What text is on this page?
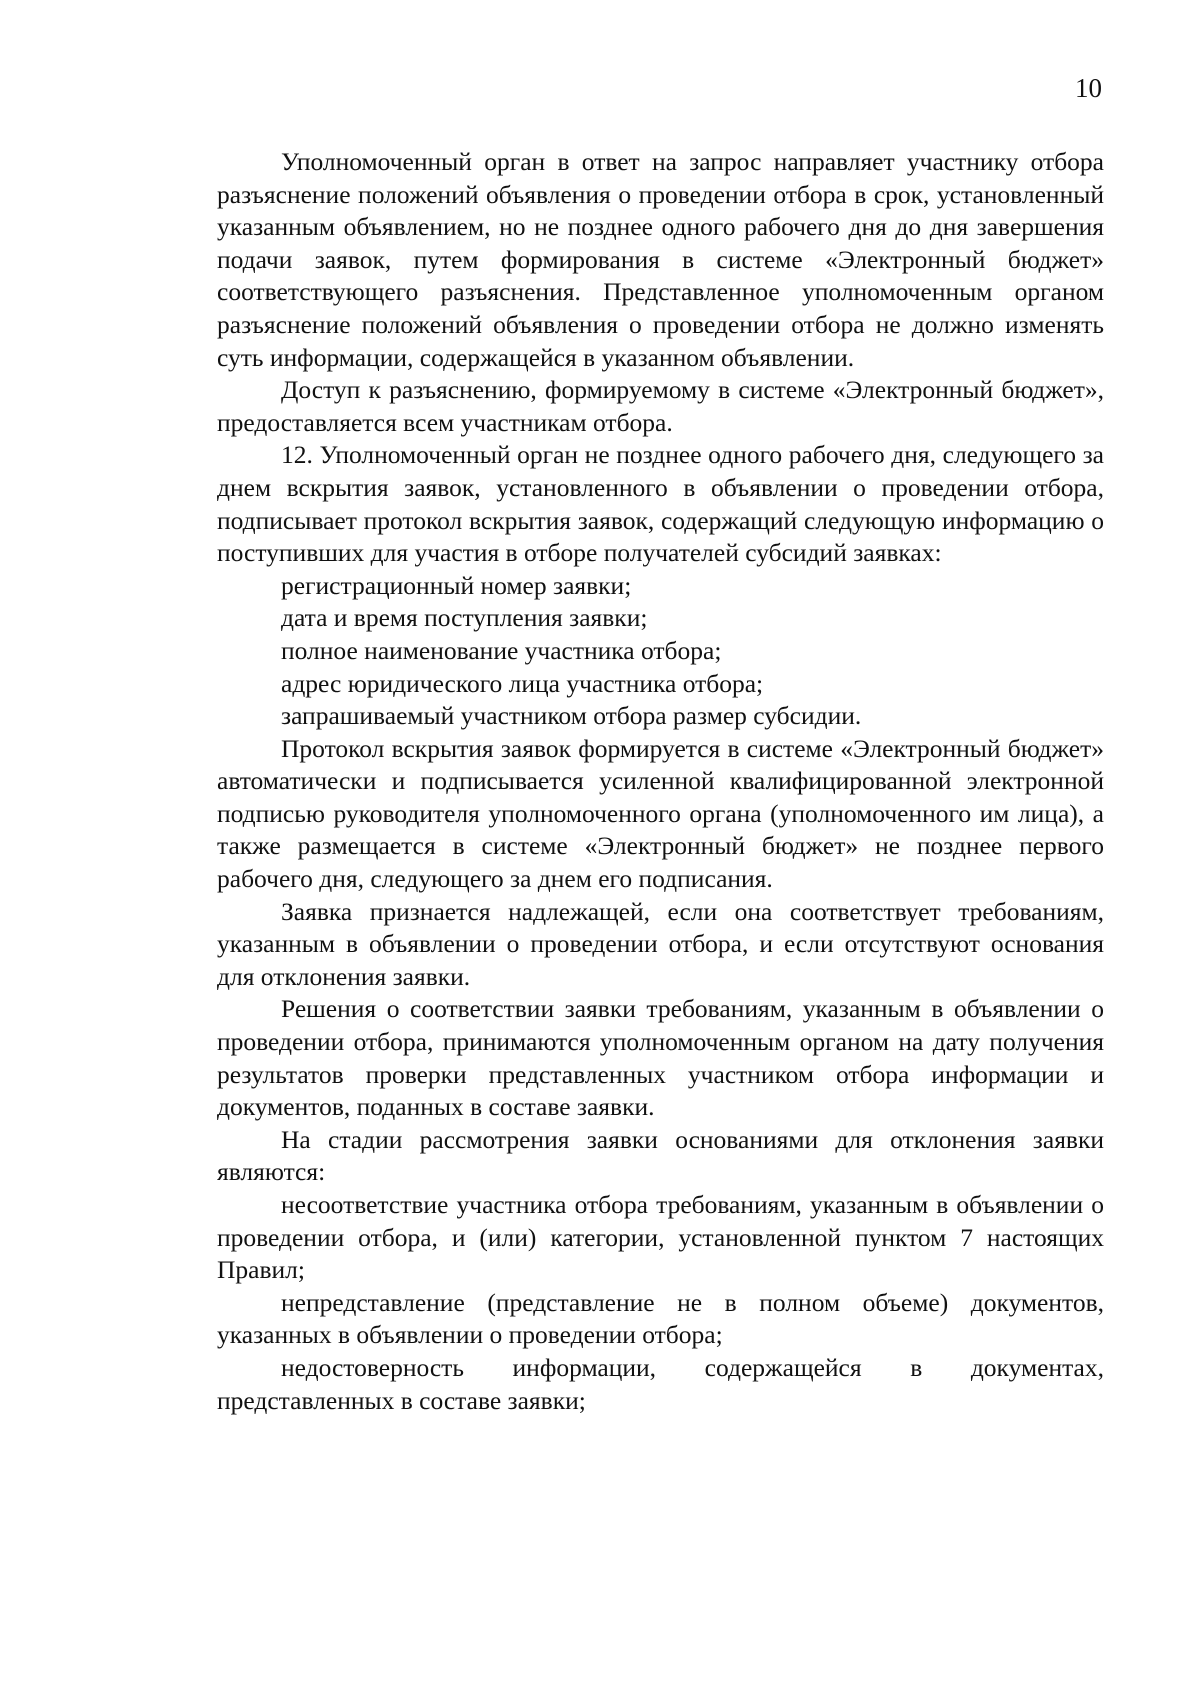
10

Уполномоченный орган в ответ на запрос направляет участнику отбора разъяснение положений объявления о проведении отбора в срок, установленный указанным объявлением, но не позднее одного рабочего дня до дня завершения подачи заявок, путем формирования в системе «Электронный бюджет» соответствующего разъяснения. Представленное уполномоченным органом разъяснение положений объявления о проведении отбора не должно изменять суть информации, содержащейся в указанном объявлении.

Доступ к разъяснению, формируемому в системе «Электронный бюджет», предоставляется всем участникам отбора.

12. Уполномоченный орган не позднее одного рабочего дня, следующего за днем вскрытия заявок, установленного в объявлении о проведении отбора, подписывает протокол вскрытия заявок, содержащий следующую информацию о поступивших для участия в отборе получателей субсидий заявках:

регистрационный номер заявки;

дата и время поступления заявки;

полное наименование участника отбора;

адрес юридического лица участника отбора;

запрашиваемый участником отбора размер субсидии.

Протокол вскрытия заявок формируется в системе «Электронный бюджет» автоматически и подписывается усиленной квалифицированной электронной подписью руководителя уполномоченного органа (уполномоченного им лица), а также размещается в системе «Электронный бюджет» не позднее первого рабочего дня, следующего за днем его подписания.

Заявка признается надлежащей, если она соответствует требованиям, указанным в объявлении о проведении отбора, и если отсутствуют основания для отклонения заявки.

Решения о соответствии заявки требованиям, указанным в объявлении о проведении отбора, принимаются уполномоченным органом на дату получения результатов проверки представленных участником отбора информации и документов, поданных в составе заявки.

На стадии рассмотрения заявки основаниями для отклонения заявки являются:

несоответствие участника отбора требованиям, указанным в объявлении о проведении отбора, и (или) категории, установленной пунктом 7 настоящих Правил;

непредставление (представление не в полном объеме) документов, указанных в объявлении о проведении отбора;

недостоверность информации, содержащейся в документах, представленных в составе заявки;
